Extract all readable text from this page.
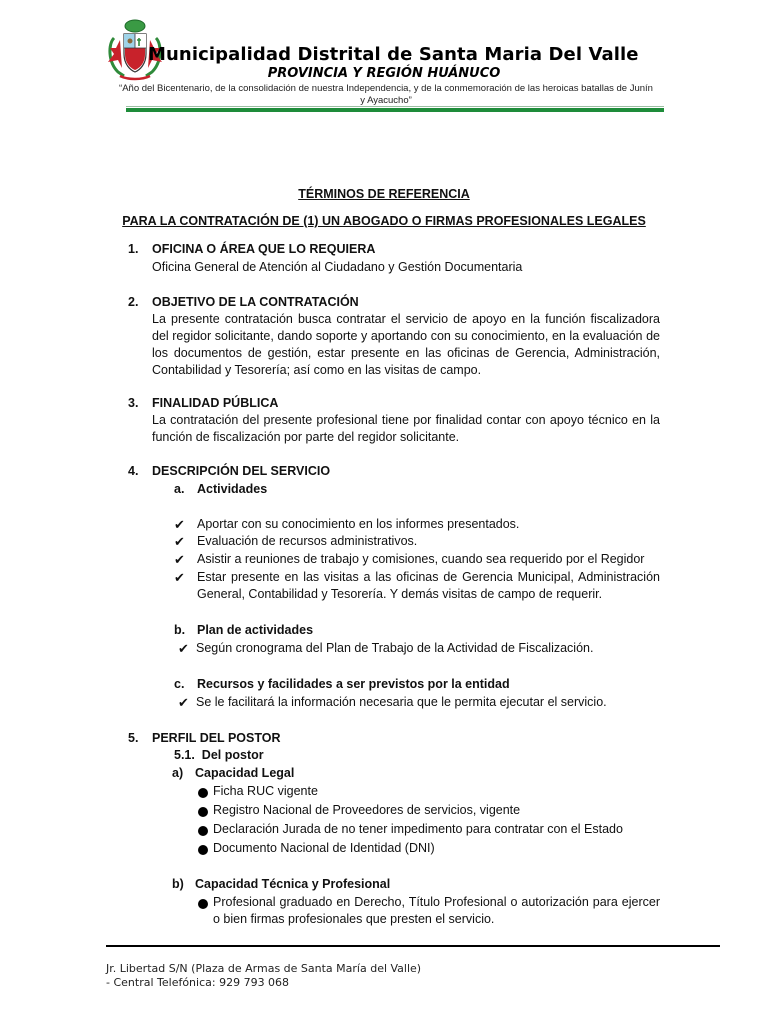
Municipalidad Distrital de Santa Maria Del Valle
PROVINCIA Y REGIÓN HUÁNUCO
“Año del Bicentenario, de la consolidación de nuestra Independencia, y de la conmemoración de las heroicas batallas de Junín y Ayacucho”
TÉRMINOS DE REFERENCIA
PARA LA CONTRATACIÓN DE (1) UN ABOGADO O FIRMAS PROFESIONALES LEGALES
1. OFICINA O ÁREA QUE LO REQUIERA
Oficina General de Atención al Ciudadano y Gestión Documentaria
2. OBJETIVO DE LA CONTRATACIÓN
La presente contratación busca contratar el servicio de apoyo en la función fiscalizadora del regidor solicitante, dando soporte y aportando con su conocimiento, en la evaluación de los documentos de gestión, estar presente en las oficinas de Gerencia, Administración, Contabilidad y Tesorería; así como en las visitas de campo.
3. FINALIDAD PÚBLICA
La contratación del presente profesional tiene por finalidad contar con apoyo técnico en la función de fiscalización por parte del regidor solicitante.
4. DESCRIPCIÓN DEL SERVICIO
a. Actividades
✔ Aportar con su conocimiento en los informes presentados.
✔ Evaluación de recursos administrativos.
✔ Asistir a reuniones de trabajo y comisiones, cuando sea requerido por el Regidor
✔ Estar presente en las visitas a las oficinas de Gerencia Municipal, Administración General, Contabilidad y Tesorería. Y demás visitas de campo de requerir.
b. Plan de actividades
✔ Según cronograma del Plan de Trabajo de la Actividad de Fiscalización.
c. Recursos y facilidades a ser previstos por la entidad
✔ Se le facilitará la información necesaria que le permita ejecutar el servicio.
5. PERFIL DEL POSTOR
5.1.  Del postor
a) Capacidad Legal
Ficha RUC vigente
Registro Nacional de Proveedores de servicios, vigente
Declaración Jurada de no tener impedimento para contratar con el Estado
Documento Nacional de Identidad (DNI)
b) Capacidad Técnica y Profesional
Profesional graduado en Derecho, Título Profesional o autorización para ejercer o bien firmas profesionales que presten el servicio.
Jr. Libertad S/N (Plaza de Armas de Santa María del Valle)
- Central Telefónica: 929 793 068
